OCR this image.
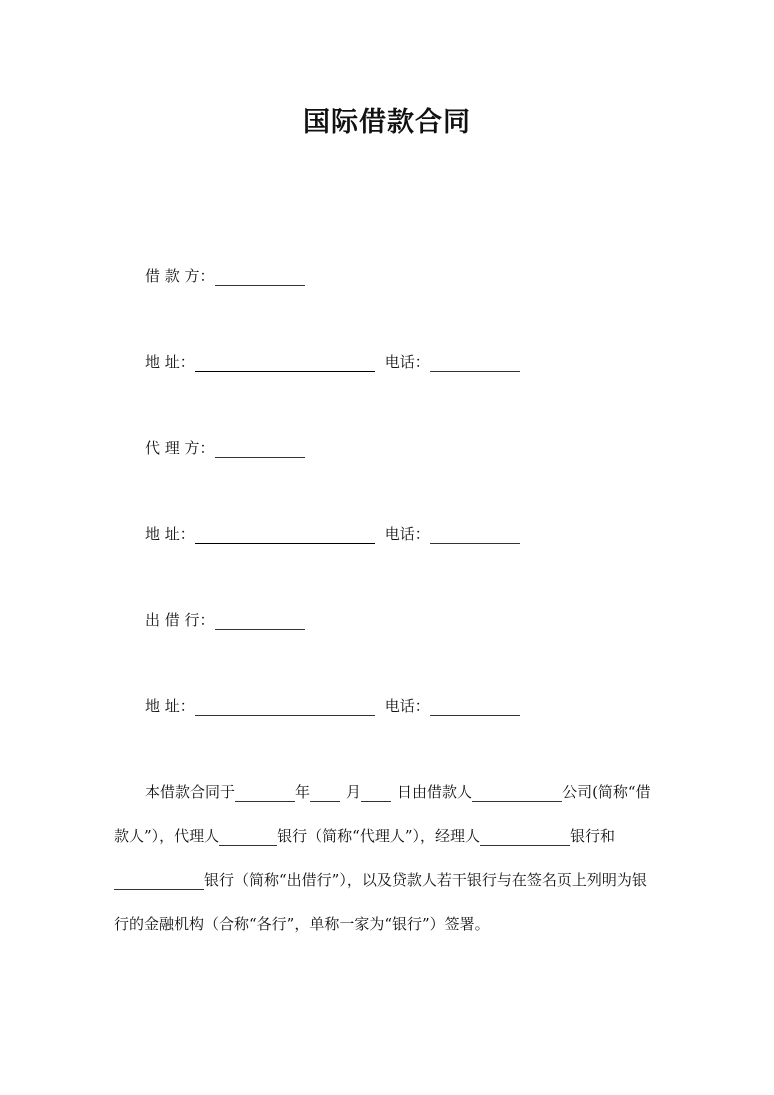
国际借款合同
借 款 方：
地 址：	电话：
代 理 方：
地 址：	电话：
出 借 行：
地 址：	电话：
本借款合同于	年 月 日由借款人	公司(简称“借
款人”），代理人	银行（简称“代理人”），经理人	银行和
银行（简称“出借行”），以及贷款人若干银行与在签名页上列明为银
行的金融机构（合称“各行”，单称一家为“银行”）签署。
